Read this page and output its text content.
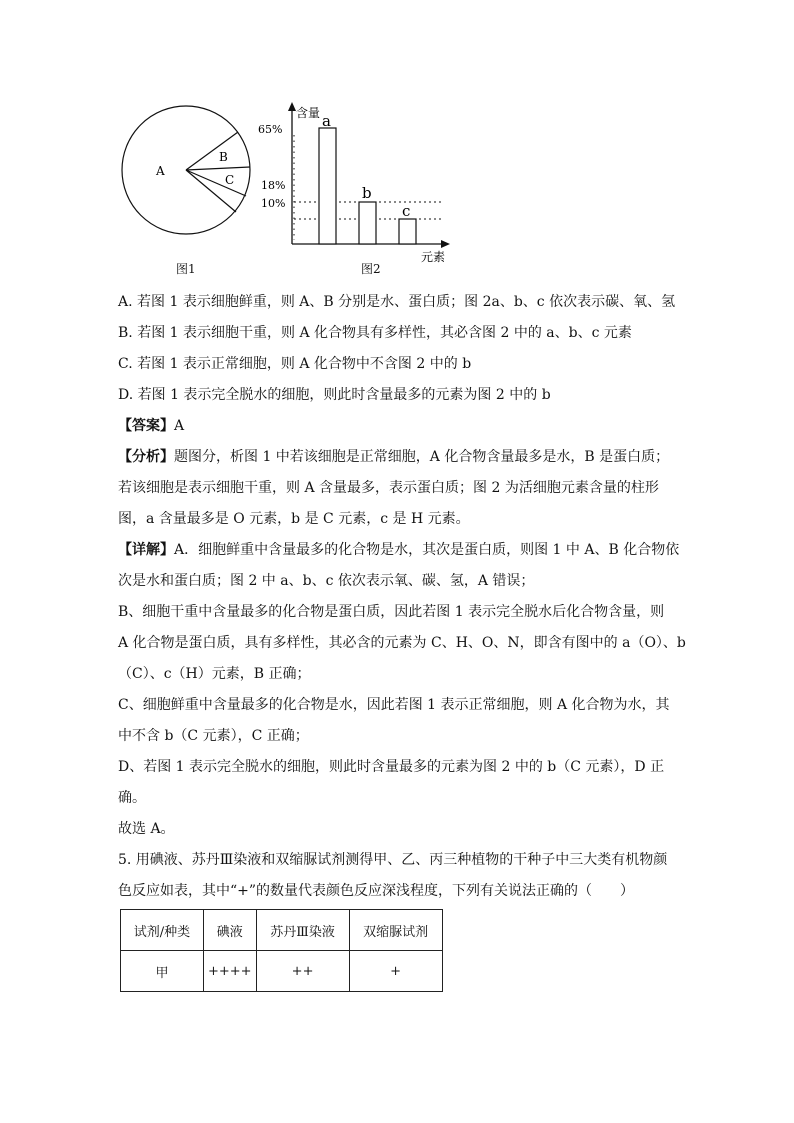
A
B
C
含量
元素
65%
18%
10%
a
b
c
图1	图2
A. 若图 1 表示细胞鲜重，则 A、B 分别是水、蛋白质；图 2a、b、c 依次表示碳、氧、氢
B. 若图 1 表示细胞干重，则 A 化合物具有多样性，其必含图 2 中的 a、b、c 元素
C. 若图 1 表示正常细胞，则 A 化合物中不含图 2 中的 b
D. 若图 1 表示完全脱水的细胞，则此时含量最多的元素为图 2 中的 b
【答案】A
【分析】题图分，析图 1 中若该细胞是正常细胞，A 化合物含量最多是水，B 是蛋白质；
若该细胞是表示细胞干重，则 A 含量最多，表示蛋白质；图 2 为活细胞元素含量的柱形
图，a 含量最多是 O 元素，b 是 C 元素，c 是 H 元素。
【详解】A．细胞鲜重中含量最多的化合物是水，其次是蛋白质，则图 1 中 A、B 化合物依
次是水和蛋白质；图 2 中 a、b、c 依次表示氧、碳、氢，A 错误；
B、细胞干重中含量最多的化合物是蛋白质，因此若图 1 表示完全脱水后化合物含量，则
A 化合物是蛋白质，具有多样性，其必含的元素为 C、H、O、N，即含有图中的 a（O）、b
（C）、c（H）元素，B 正确；
C、细胞鲜重中含量最多的化合物是水，因此若图 1 表示正常细胞，则 A 化合物为水，其
中不含 b（C 元素），C 正确；
D、若图 1 表示完全脱水的细胞，则此时含量最多的元素为图 2 中的 b（C 元素），D 正
确。
故选 A。
5. 用碘液、苏丹Ⅲ染液和双缩脲试剂测得甲、乙、丙三种植物的干种子中三大类有机物颜
色反应如表，其中“+”的数量代表颜色反应深浅程度，下列有关说法正确的（　　）
试剂/种类	碘液	苏丹Ⅲ染液	双缩脲试剂
甲	++++	++	+
